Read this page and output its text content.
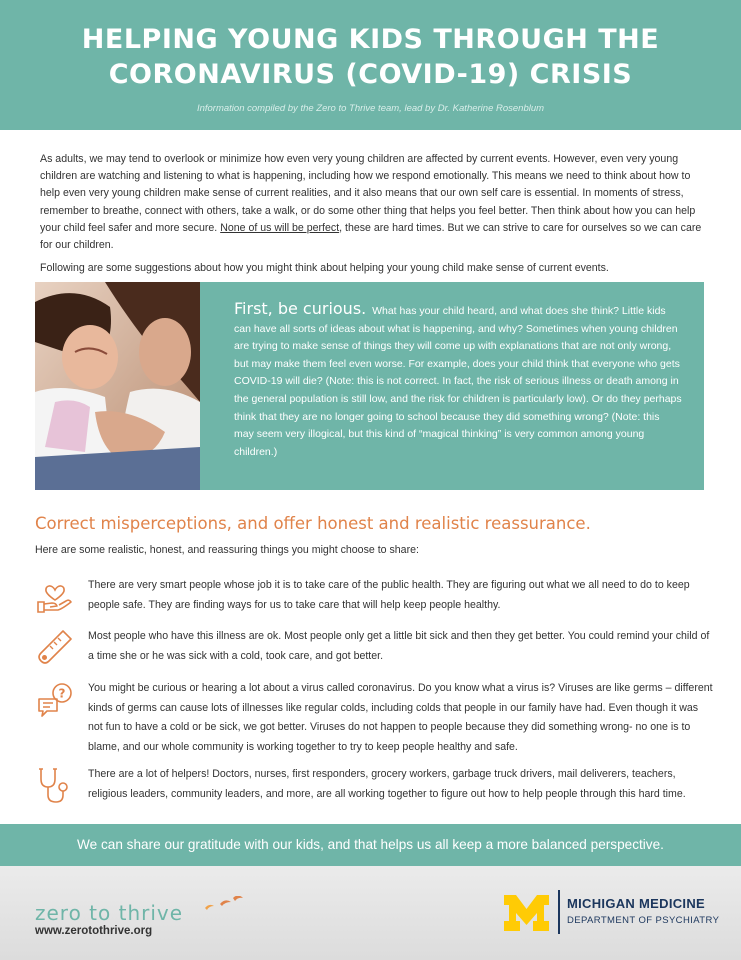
HELPING YOUNG KIDS THROUGH THE
CORONAVIRUS (COVID-19) CRISIS
Information compiled by the Zero to Thrive team, lead by Dr. Katherine Rosenblum

As adults, we may tend to overlook or minimize how even very young children are affected by current events. However, even very young children are watching and listening to what is happening, including how we respond emotionally. This means we need to think about how to help even very young children make sense of current realities, and it also means that our own self care is essential. In moments of stress, remember to breathe, connect with others, take a walk, or do some other thing that helps you feel better. Then think about how you can help your child feel safer and more secure. None of us will be perfect, these are hard times. But we can strive to care for ourselves so we can care for our children.

Following are some suggestions about how you might think about helping your young child make sense of current events.

First, be curious. What has your child heard, and what does she think? Little kids can have all sorts of ideas about what is happening, and why? Sometimes when young children are trying to make sense of things they will come up with explanations that are not only wrong, but may make them feel even worse. For example, does your child think that everyone who gets COVID-19 will die? (Note: this is not correct. In fact, the risk of serious illness or death among in the general population is still low, and the risk for children is particularly low). Or do they perhaps think that they are no longer going to school because they did something wrong? (Note: this may seem very illogical, but this kind of “magical thinking” is very common among young children.)
Correct misperceptions, and offer honest and realistic reassurance.
Here are some realistic, honest, and reassuring things you might choose to share:
There are very smart people whose job it is to take care of the public health. They are figuring out what we all need to do to keep people safe. They are finding ways for us to take care that will help keep people healthy.
Most people who have this illness are ok. Most people only get a little bit sick and then they get better. You could remind your child of a time she or he was sick with a cold, took care, and got better.
? You might be curious or hearing a lot about a virus called coronavirus. Do you know what a virus is? Viruses are like germs – different kinds of germs can cause lots of illnesses like regular colds, including colds that people in our family have had. Even though it was not fun to have a cold or be sick, we got better. Viruses do not happen to people because they did something wrong- no one is to blame, and our whole community is working together to try to keep people healthy and safe.
There are a lot of helpers! Doctors, nurses, first responders, grocery workers, garbage truck drivers, mail deliverers, teachers, religious leaders, community leaders, and more, are all working together to figure out how to help people through this hard time.
We can share our gratitude with our kids, and that helps us all keep a more balanced perspective.
zero to thrive
www.zerotothrive.org
MICHIGAN MEDICINE
DEPARTMENT OF PSYCHIATRY
